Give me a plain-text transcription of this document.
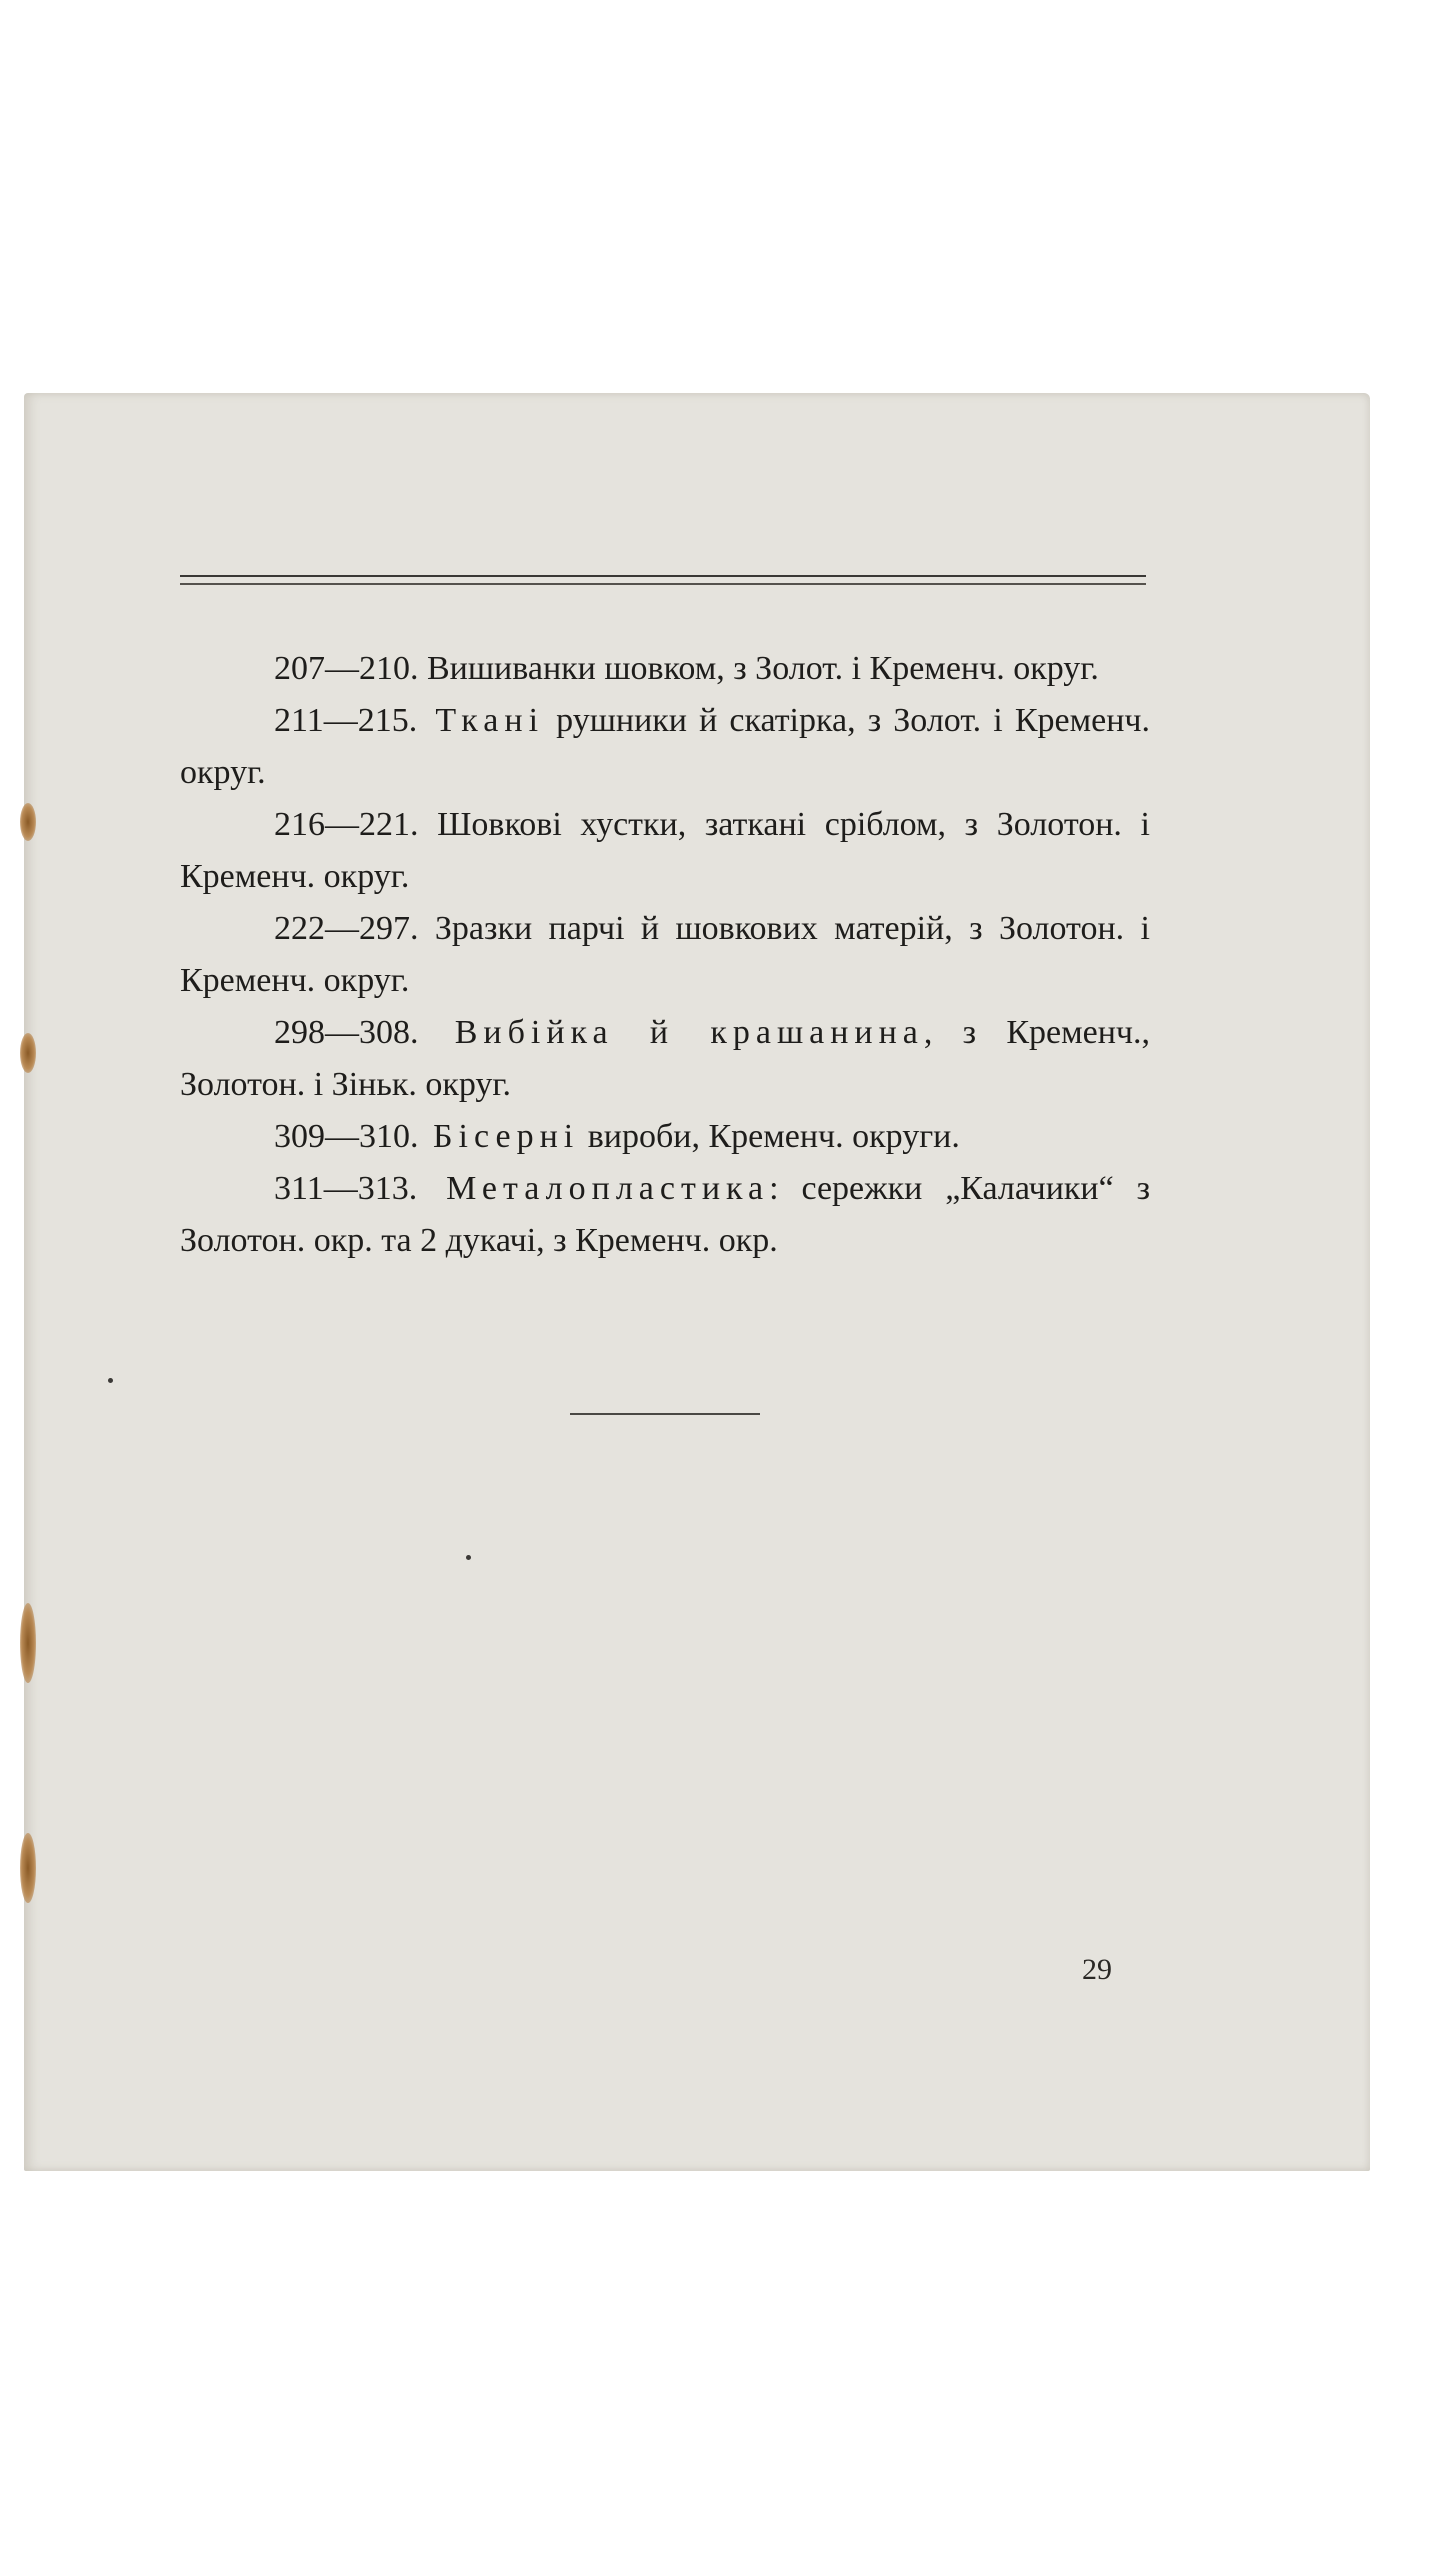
207—210. Вишиванки шовком, з Золот. і Кременч. округ.
211—215. Ткані рушники й скатірка, з Золот. і Кременч. округ.
216—221. Шовкові хустки, заткані сріблом, з Золотон. і Кременч. округ.
222—297. Зразки парчі й шовкових матерій, з Золотон. і Кременч. округ.
298—308. Вибійка й крашанина, з Кременч., Золотон. і Зіньк. округ.
309—310. Бісерні вироби, Кременч. округи.
311—313. Металопластика: сережки „Калачики“ з Золотон. окр. та 2 дукачі, з Кременч. окр.
29
